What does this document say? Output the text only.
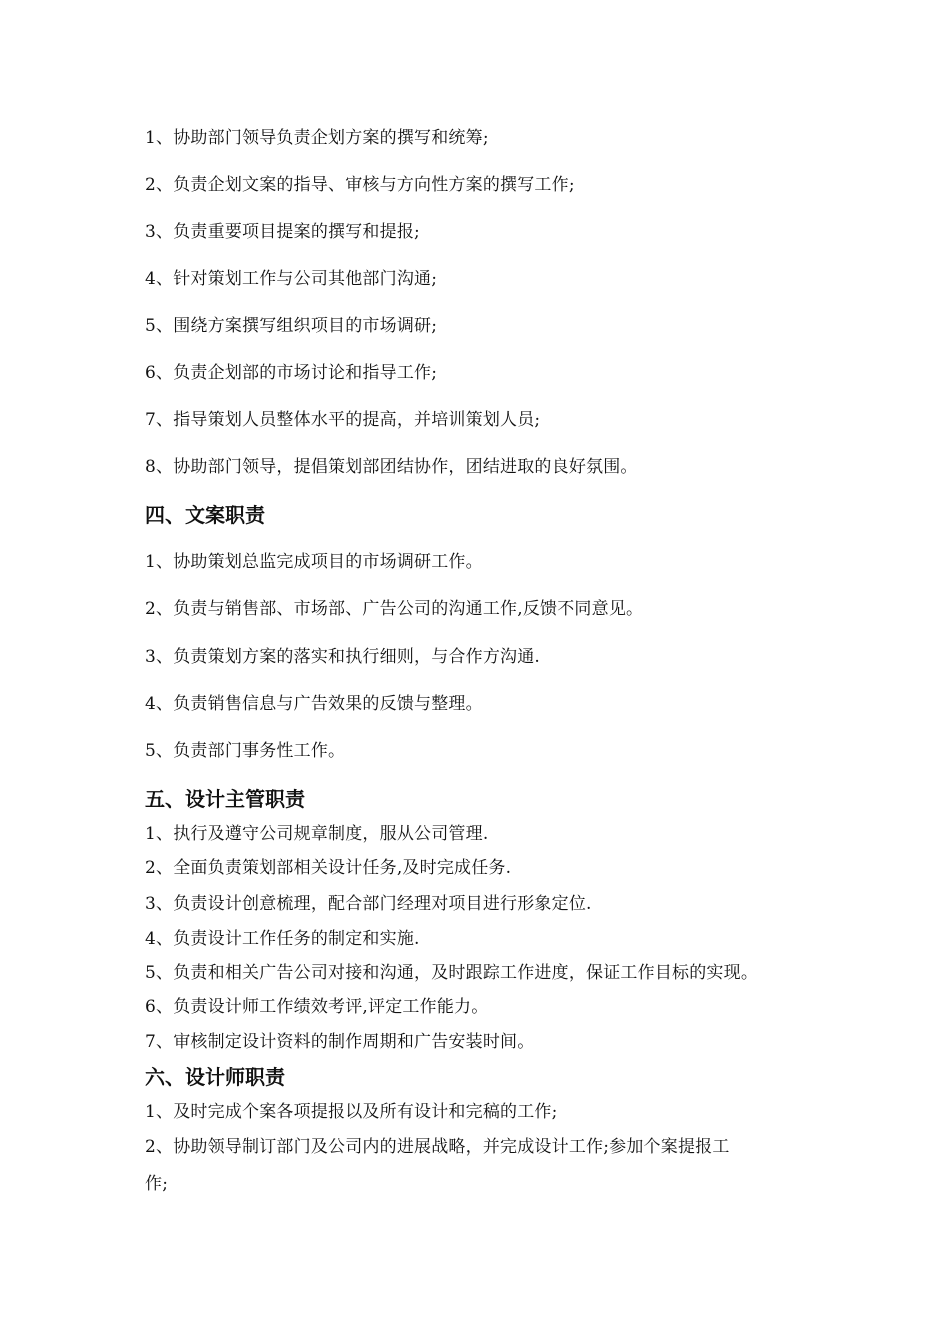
1、协助部门领导负责企划方案的撰写和统筹;
2、负责企划文案的指导、审核与方向性方案的撰写工作;
3、负责重要项目提案的撰写和提报;
4、针对策划工作与公司其他部门沟通;
5、围绕方案撰写组织项目的市场调研;
6、负责企划部的市场讨论和指导工作;
7、指导策划人员整体水平的提高，并培训策划人员;
8、协助部门领导，提倡策划部团结协作，团结进取的良好氛围。
四、文案职责
1、协助策划总监完成项目的市场调研工作。
2、负责与销售部、市场部、广告公司的沟通工作,反馈不同意见。
3、负责策划方案的落实和执行细则，与合作方沟通.
4、负责销售信息与广告效果的反馈与整理。
5、负责部门事务性工作。
五、设计主管职责
1、执行及遵守公司规章制度，服从公司管理.
2、全面负责策划部相关设计任务,及时完成任务.
3、负责设计创意梳理，配合部门经理对项目进行形象定位.
4、负责设计工作任务的制定和实施.
5、负责和相关广告公司对接和沟通，及时跟踪工作进度，保证工作目标的实现。
6、负责设计师工作绩效考评,评定工作能力。
7、审核制定设计资料的制作周期和广告安装时间。
六、设计师职责
1、及时完成个案各项提报以及所有设计和完稿的工作;
2、协助领导制订部门及公司内的进展战略，并完成设计工作;参加个案提报工
作;
